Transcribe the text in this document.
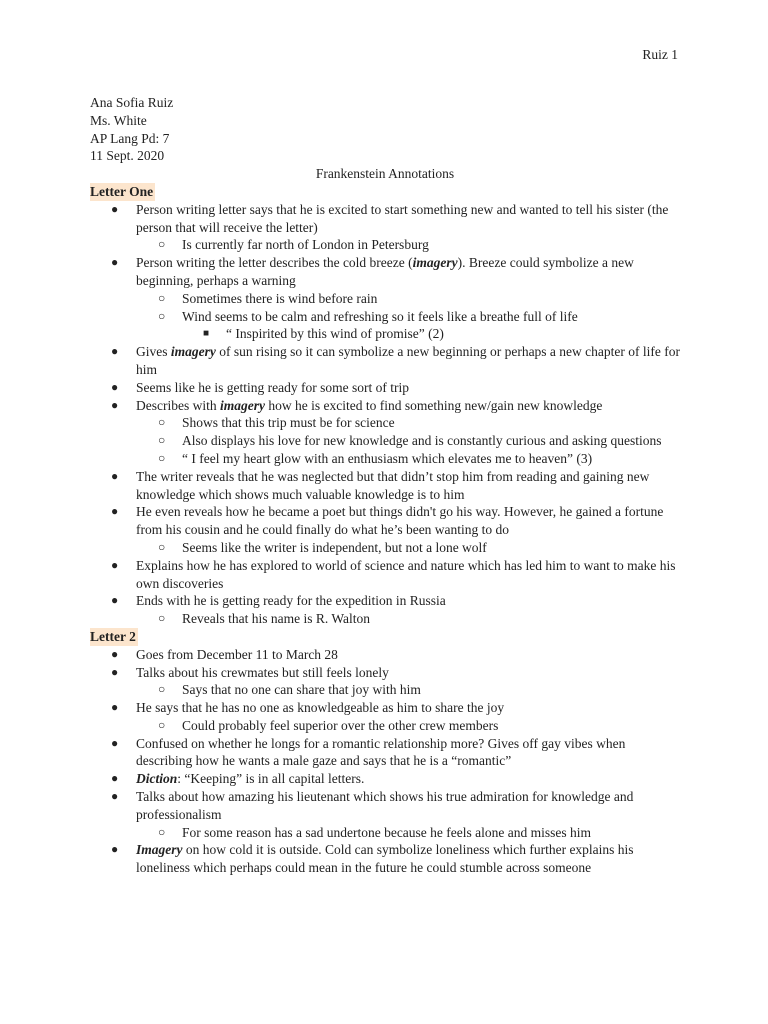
Ruiz 1

Ana Sofia Ruiz

Ms. White

AP Lang Pd: 7

11 Sept. 2020

Frankenstein Annotations

Letter One
● Person writing letter says that he is excited to start something new and wanted to tell his sister (the person that will receive the letter)
○ Is currently far north of London in Petersburg
● Person writing the letter describes the cold breeze (imagery). Breeze could symbolize a new beginning, perhaps a warning
○ Sometimes there is wind before rain
○ Wind seems to be calm and refreshing so it feels like a breathe full of life
■ “ Inspirited by this wind of promise” (2)
● Gives imagery of sun rising so it can symbolize a new beginning or perhaps a new chapter of life for him
● Seems like he is getting ready for some sort of trip
● Describes with imagery how he is excited to find something new/gain new knowledge
○ Shows that this trip must be for science
○ Also displays his love for new knowledge and is constantly curious and asking questions
○ “ I feel my heart glow with an enthusiasm which elevates me to heaven” (3)
● The writer reveals that he was neglected but that didn’t stop him from reading and gaining new knowledge which shows much valuable knowledge is to him
● He even reveals how he became a poet but things didn't go his way. However, he gained a fortune from his cousin and he could finally do what he’s been wanting to do
○ Seems like the writer is independent, but not a lone wolf
● Explains how he has explored to world of science and nature which has led him to want to make his own discoveries
● Ends with he is getting ready for the expedition in Russia
○ Reveals that his name is R. Walton
Letter 2
● Goes from December 11 to March 28
● Talks about his crewmates but still feels lonely
○ Says that no one can share that joy with him
● He says that he has no one as knowledgeable as him to share the joy
○ Could probably feel superior over the other crew members
● Confused on whether he longs for a romantic relationship more? Gives off gay vibes when describing how he wants a male gaze and says that he is a “romantic”
● Diction: “Keeping” is in all capital letters.
● Talks about how amazing his lieutenant which shows his true admiration for knowledge and professionalism
○ For some reason has a sad undertone because he feels alone and misses him
● Imagery on how cold it is outside. Cold can symbolize loneliness which further explains his loneliness which perhaps could mean in the future he could stumble across someone
